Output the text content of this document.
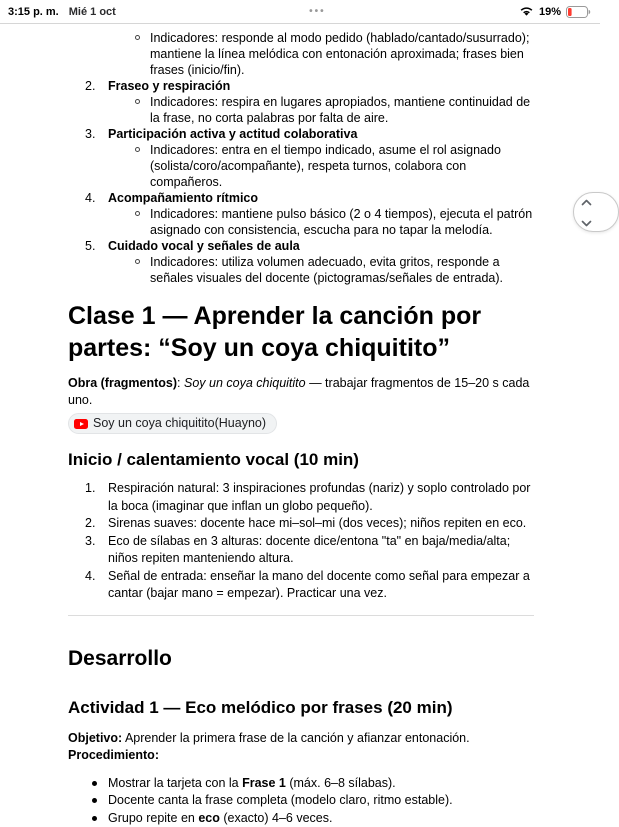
3:15 p. m. Mié 1 oct	•••	19%
Indicadores: responde al modo pedido (hablado/cantado/susurrado); mantiene la línea melódica con entonación aproximada; frases bien frases (inicio/fin).
2.	Fraseo y respiración
Indicadores: respira en lugares apropiados, mantiene continuidad de la frase, no corta palabras por falta de aire.
3.	Participación activa y actitud colaborativa
Indicadores: entra en el tiempo indicado, asume el rol asignado (solista/coro/acompañante), respeta turnos, colabora con compañeros.
4.	Acompañamiento rítmico
Indicadores: mantiene pulso básico (2 o 4 tiempos), ejecuta el patrón asignado con consistencia, escucha para no tapar la melodía.
5.	Cuidado vocal y señales de aula
Indicadores: utiliza volumen adecuado, evita gritos, responde a señales visuales del docente (pictogramas/señales de entrada).
Clase 1 — Aprender la canción por partes: “Soy un coya chiquitito”

Obra (fragmentos): Soy un coya chiquitito — trabajar fragmentos de 15–20 s cada uno.

Soy un coya chiquitito(Huayno)
Inicio / calentamiento vocal (10 min)
1.	Respiración natural: 3 inspiraciones profundas (nariz) y soplo controlado por la boca (imaginar que inflan un globo pequeño).
2.	Sirenas suaves: docente hace mi–sol–mi (dos veces); niños repiten en eco.
3.	Eco de sílabas en 3 alturas: docente dice/entona "ta" en baja/media/alta; niños repiten manteniendo altura.
4.	Señal de entrada: enseñar la mano del docente como señal para empezar a cantar (bajar mano = empezar). Practicar una vez.
Desarrollo
Actividad 1 — Eco melódico por frases (20 min)

Objetivo: Aprender la primera frase de la canción y afianzar entonación.

Procedimiento:

Mostrar la tarjeta con la Frase 1 (máx. 6–8 sílabas).
Docente canta la frase completa (modelo claro, ritmo estable).
Grupo repite en eco (exacto) 4–6 veces.
